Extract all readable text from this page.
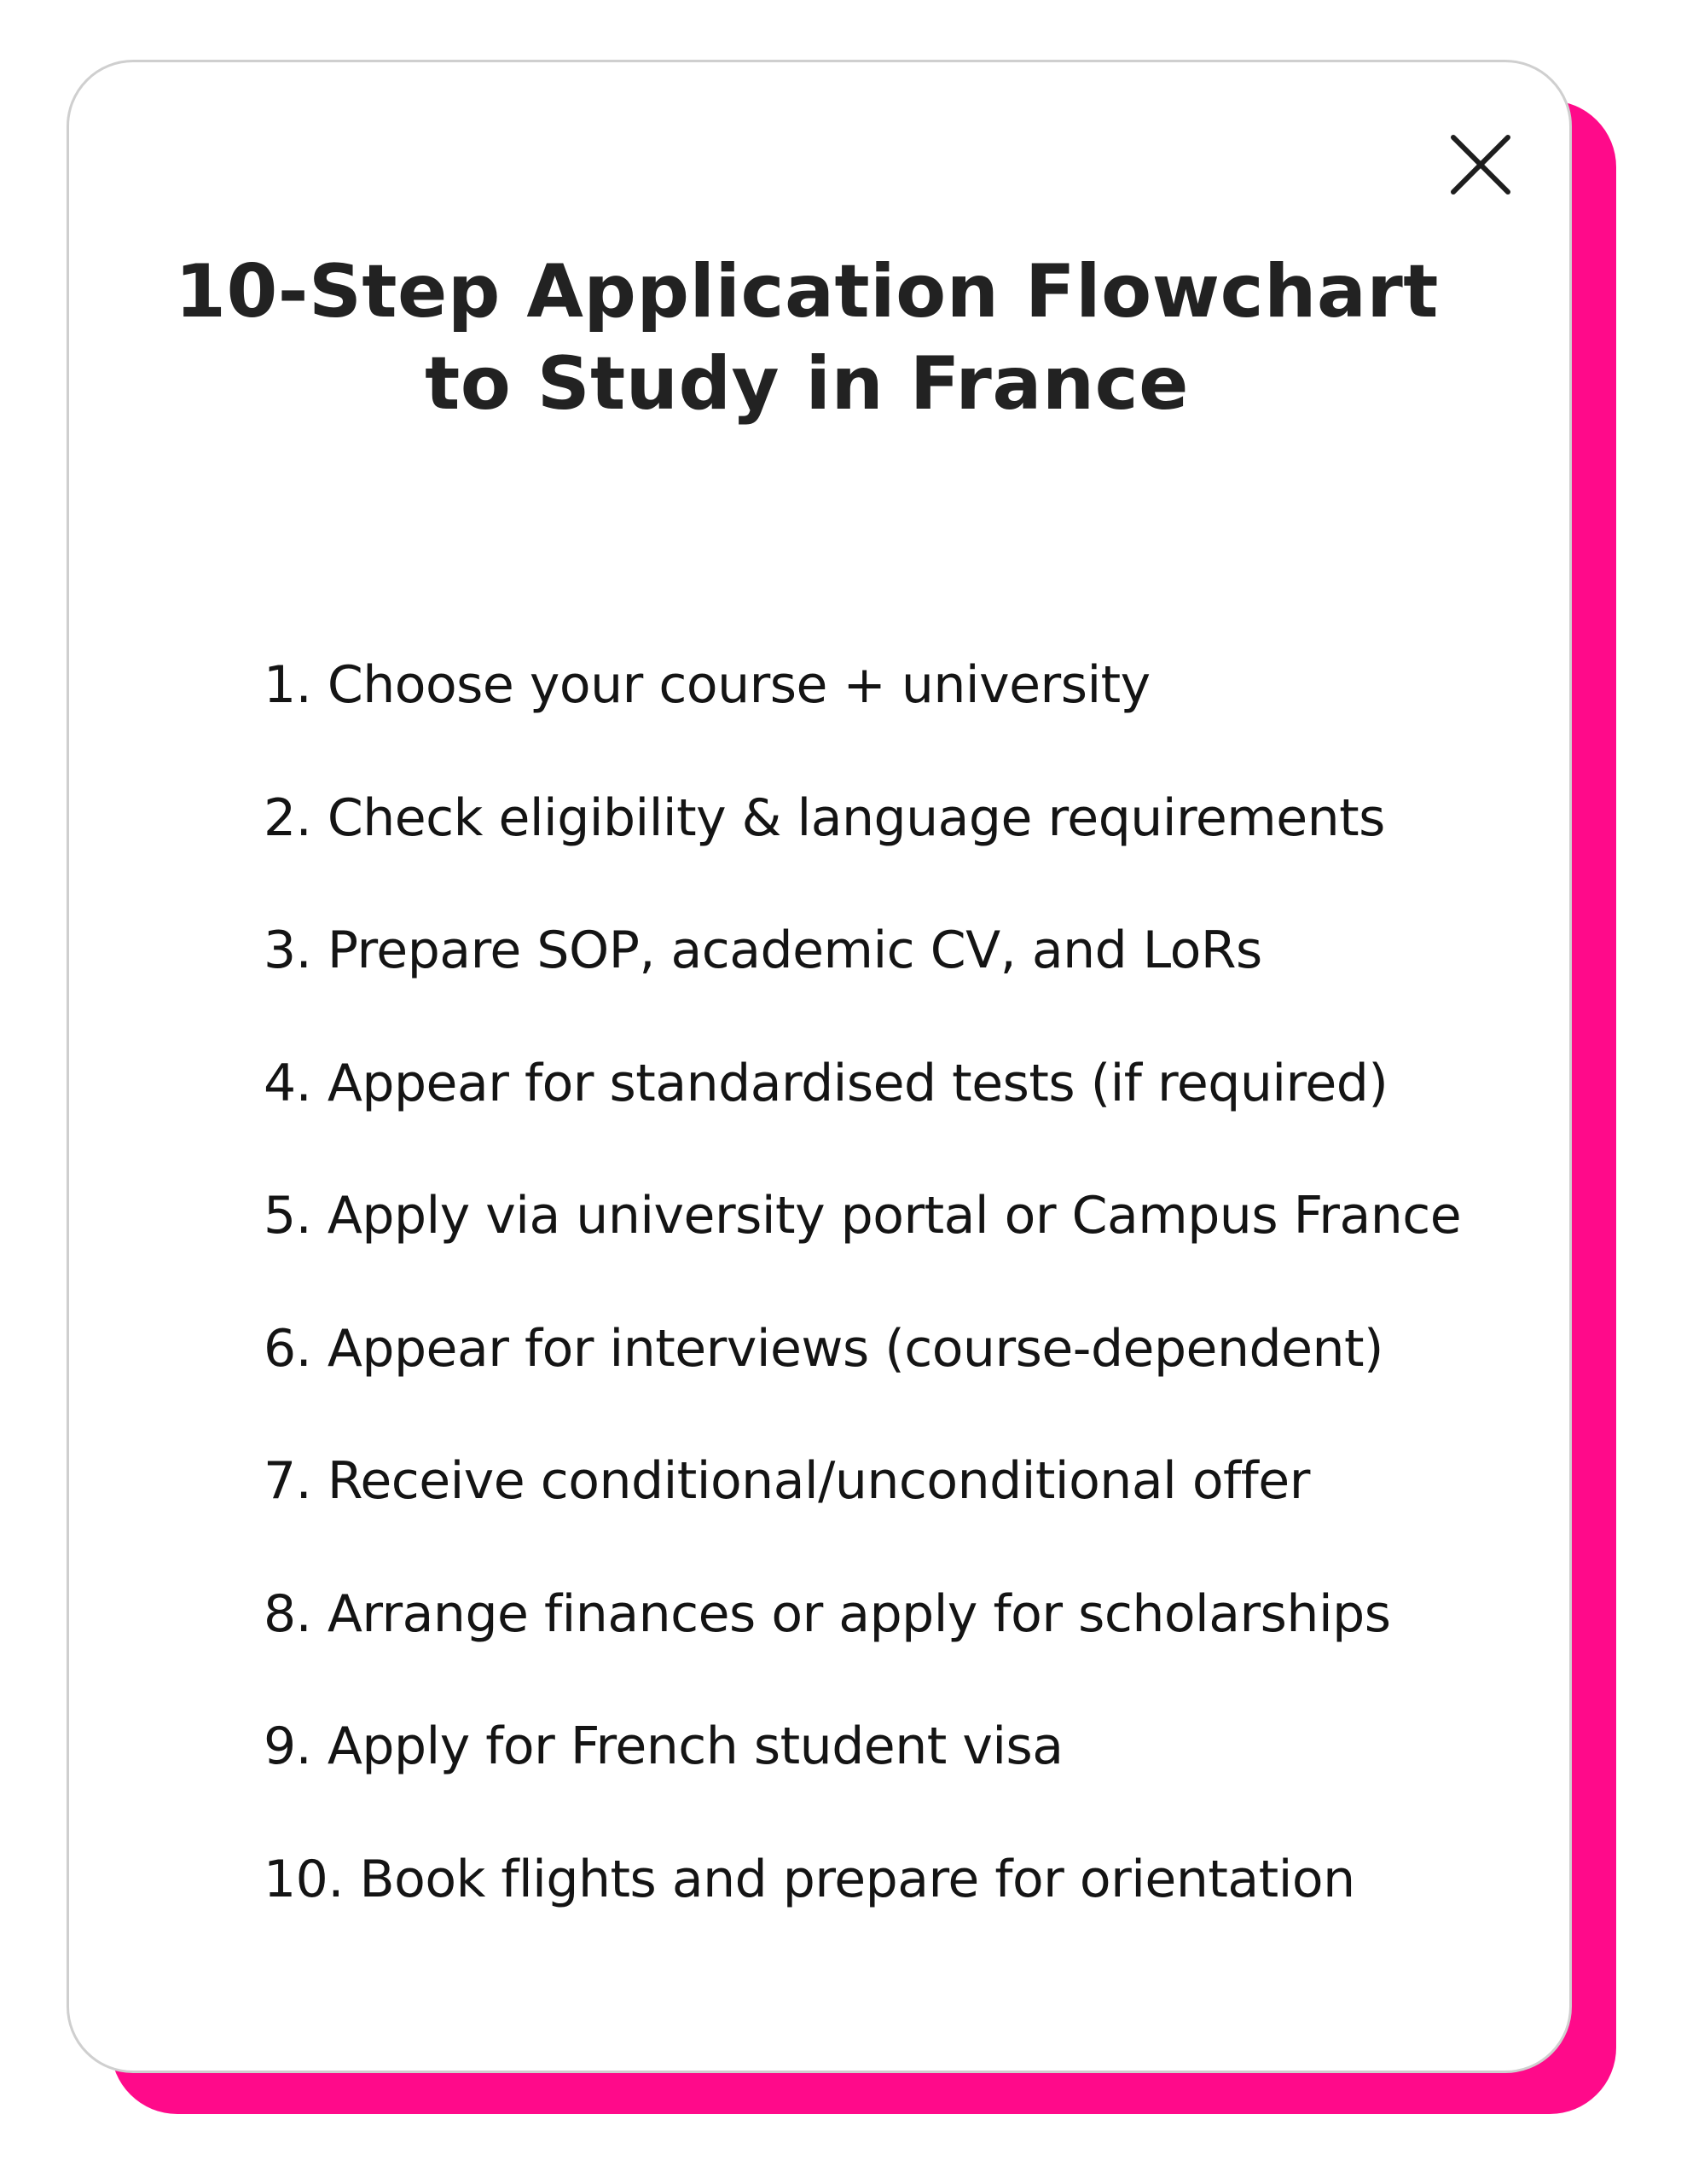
10-Step Application Flowchart
to Study in France
1. Choose your course + university
2. Check eligibility & language requirements
3. Prepare SOP, academic CV, and LoRs
4. Appear for standardised tests (if required)
5. Apply via university portal or Campus France
6. Appear for interviews (course-dependent)
7. Receive conditional/unconditional offer
8. Arrange finances or apply for scholarships
9. Apply for French student visa
10. Book flights and prepare for orientation
